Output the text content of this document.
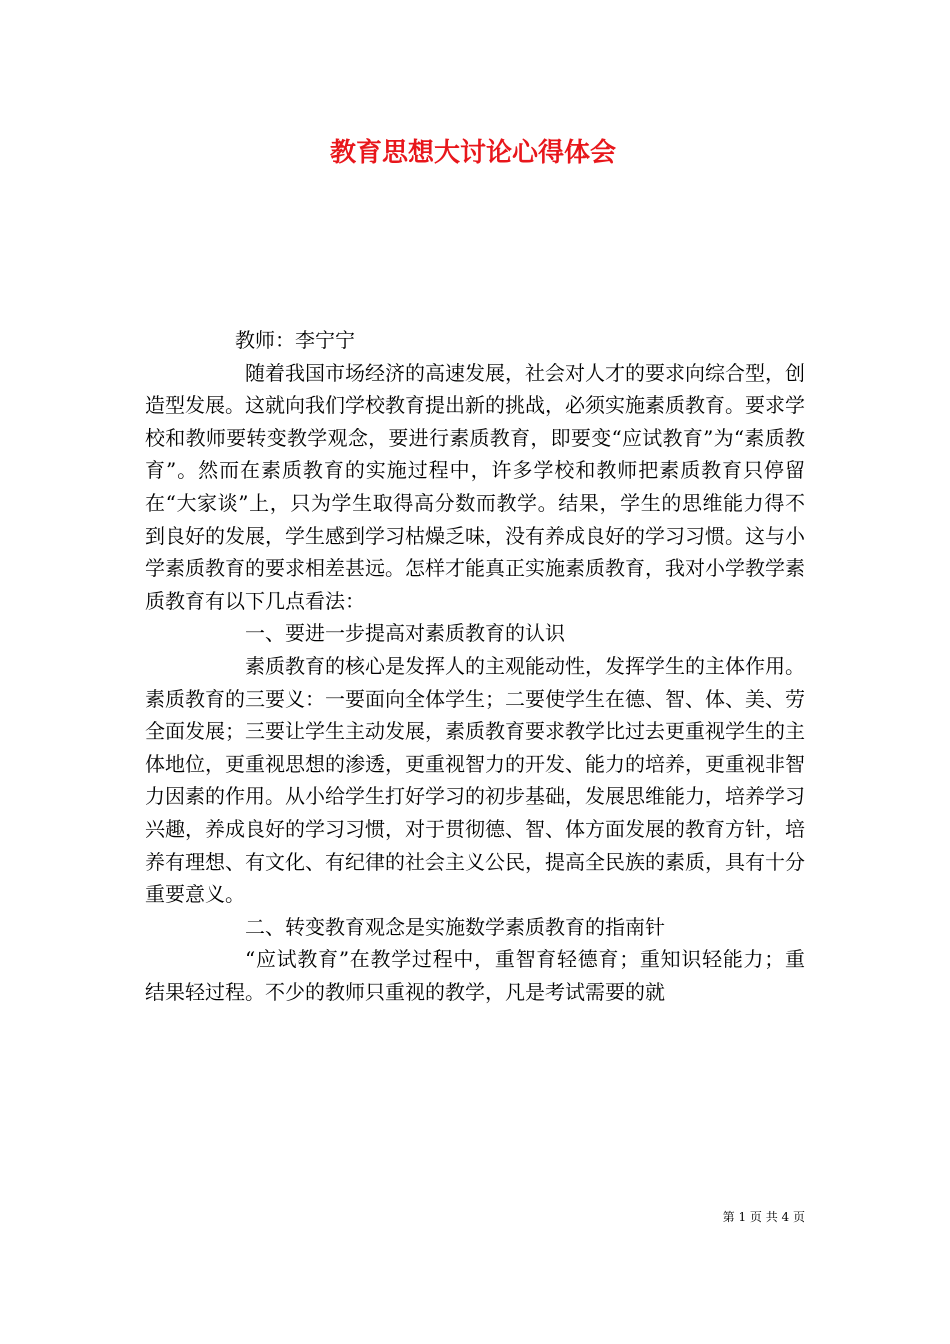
教育思想大讨论心得体会

教师：李宁宁

随着我国市场经济的高速发展，社会对人才的要求向综合型，创造型发展。这就向我们学校教育提出新的挑战，必须实施素质教育。要求学校和教师要转变教学观念，要进行素质教育，即要变“应试教育”为“素质教育”。然而在素质教育的实施过程中，许多学校和教师把素质教育只停留在“大家谈”上，只为学生取得高分数而教学。结果，学生的思维能力得不到良好的发展，学生感到学习枯燥乏味，没有养成良好的学习习惯。这与小学素质教育的要求相差甚远。怎样才能真正实施素质教育，我对小学教学素质教育有以下几点看法：

一、要进一步提高对素质教育的认识

素质教育的核心是发挥人的主观能动性，发挥学生的主体作用。素质教育的三要义：一要面向全体学生；二要使学生在德、智、体、美、劳全面发展；三要让学生主动发展，素质教育要求教学比过去更重视学生的主体地位，更重视思想的渗透，更重视智力的开发、能力的培养，更重视非智力因素的作用。从小给学生打好学习的初步基础，发展思维能力，培养学习兴趣，养成良好的学习习惯，对于贯彻德、智、体方面发展的教育方针，培养有理想、有文化、有纪律的社会主义公民，提高全民族的素质，具有十分重要意义。

二、转变教育观念是实施数学素质教育的指南针

“应试教育”在教学过程中，重智育轻德育；重知识轻能力；重结果轻过程。不少的教师只重视的教学，凡是考试需要的就

第 1 页 共 4 页
